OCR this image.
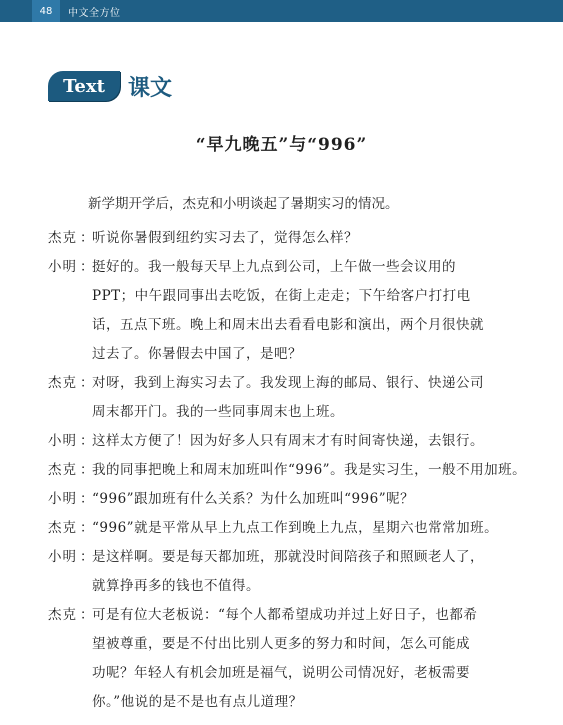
48	中文全方位
Text	课文
“早九晚五”与“996”
新学期开学后，杰克和小明谈起了暑期实习的情况。
杰 克 ：
听说你暑假到纽约实习去了，觉得怎么样？
小 明 ：
挺好的。我一般每天早上九点到公司，上午做一些会议用的
PPT；中午跟同事出去吃饭，在街上走走；下午给客户打打电
话，五点下班。晚上和周末出去看看电影和演出，两个月很快就
过去了。你暑假去中国了，是吧？
杰 克 ：
对呀，我到上海实习去了。我发现上海的邮局、银行、快递公司
周末都开门。我的一些同事周末也上班。
小 明 ：
这样太方便了！因为好多人只有周末才有时间寄快递，去银行。
杰 克 ：
我的同事把晚上和周末加班叫作“996”。我是实习生，一般不用加班。
小 明 ：
“996”跟加班有什么关系？为什么加班叫“996”呢？
杰 克 ：
“996”就是平常从早上九点工作到晚上九点，星期六也常常加班。
小 明 ：
是这样啊。要是每天都加班，那就没时间陪孩子和照顾老人了，
就算挣再多的钱也不值得。
杰 克 ：
可是有位大老板说：“每个人都希望成功并过上好日子，也都希
望被尊重，要是不付出比别人更多的努力和时间，怎么可能成
功呢？年轻人有机会加班是福气，说明公司情况好，老板需要
你。”他说的是不是也有点儿道理？
